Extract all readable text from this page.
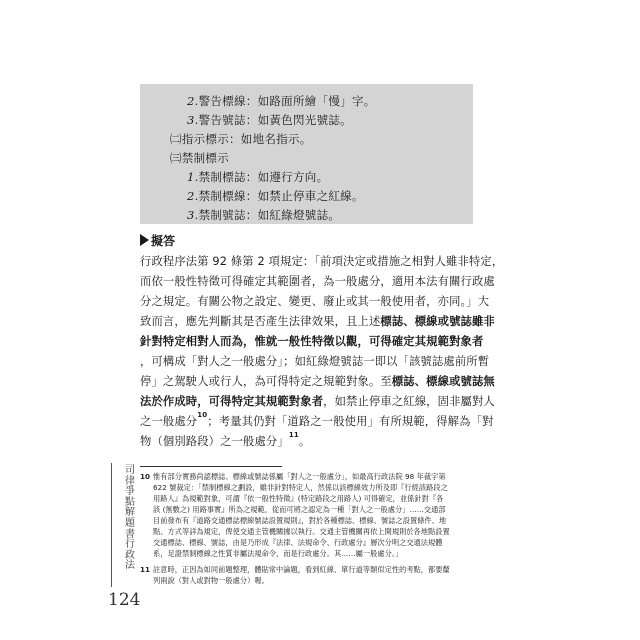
2.警告標線：如路面所繪「慢」字。
3.警告號誌：如黃色閃光號誌。
㈡指示標示：如地名指示。
㈢禁制標示
1.禁制標誌：如遵行方向。
2.禁制標線：如禁止停車之紅線。
3.禁制號誌：如紅綠燈號誌。
擬答
行政程序法第 92 條第 2 項規定：「前項決定或措施之相對人雖非特定，
而依一般性特徵可得確定其範圍者，為一般處分，適用本法有關行政處
分之規定。有關公物之設定、變更、廢止或其一般使用者，亦同。」大
致而言，應先判斷其是否產生法律效果，且上述標誌、標線或號誌雖非
針對特定相對人而為，惟就一般性特徵以觀，可得確定其規範對象者
，可構成「對人之一般處分」；如紅綠燈號誌一即以「該號誌處前所暫
停」之駕駛人或行人，為可得特定之規範對象。至標誌、標線或號誌無
法於作成時，可得特定其規範對象者，如禁止停車之紅線，固非屬對人
之一般處分$^{10}$；考量其仍對「道路之一般使用」有所規範，得解為「對
物（個別路段）之一般處分」$^{11}$。
10 惟有部分實務尚認標誌、標線或號誌係屬「對人之一般處分」，如最高行政法院 98 年裁字第
622 號裁定：「禁制標線之劃設，雖非針對特定人，然係以該標線效力所及即『行經該路段之
用路人』為規範對象，可謂『依一般性特徵』(特定路段之用路人) 可得確定，並係針對『各
該 (無數之) 用路事實』所為之規範，從而可將之認定為一種「對人之一般處分」……交通部
目前發布有『道路交通標誌標線號誌設置規則』，對於各種標誌、標線、號誌之設置條件、地
點、方式等詳為規定，俾使交通主管機關據以執行。交通主管機關再依上開規則於各地點設置
交通標誌、標線、號誌，由是乃形成『法律、法規命令、行政處分』層次分明之交通法規體
系，足證禁制標線之性質非屬法規命令，而是行政處分。其……屬一般處分。」
11 註意時，正因為如同前題整理，體貼常中論題，看到紅線、單行道等類似定性的考點，都要釐
列兩說（對人或對物一般處分）喔。
司律爭點解題書 行政法
124
